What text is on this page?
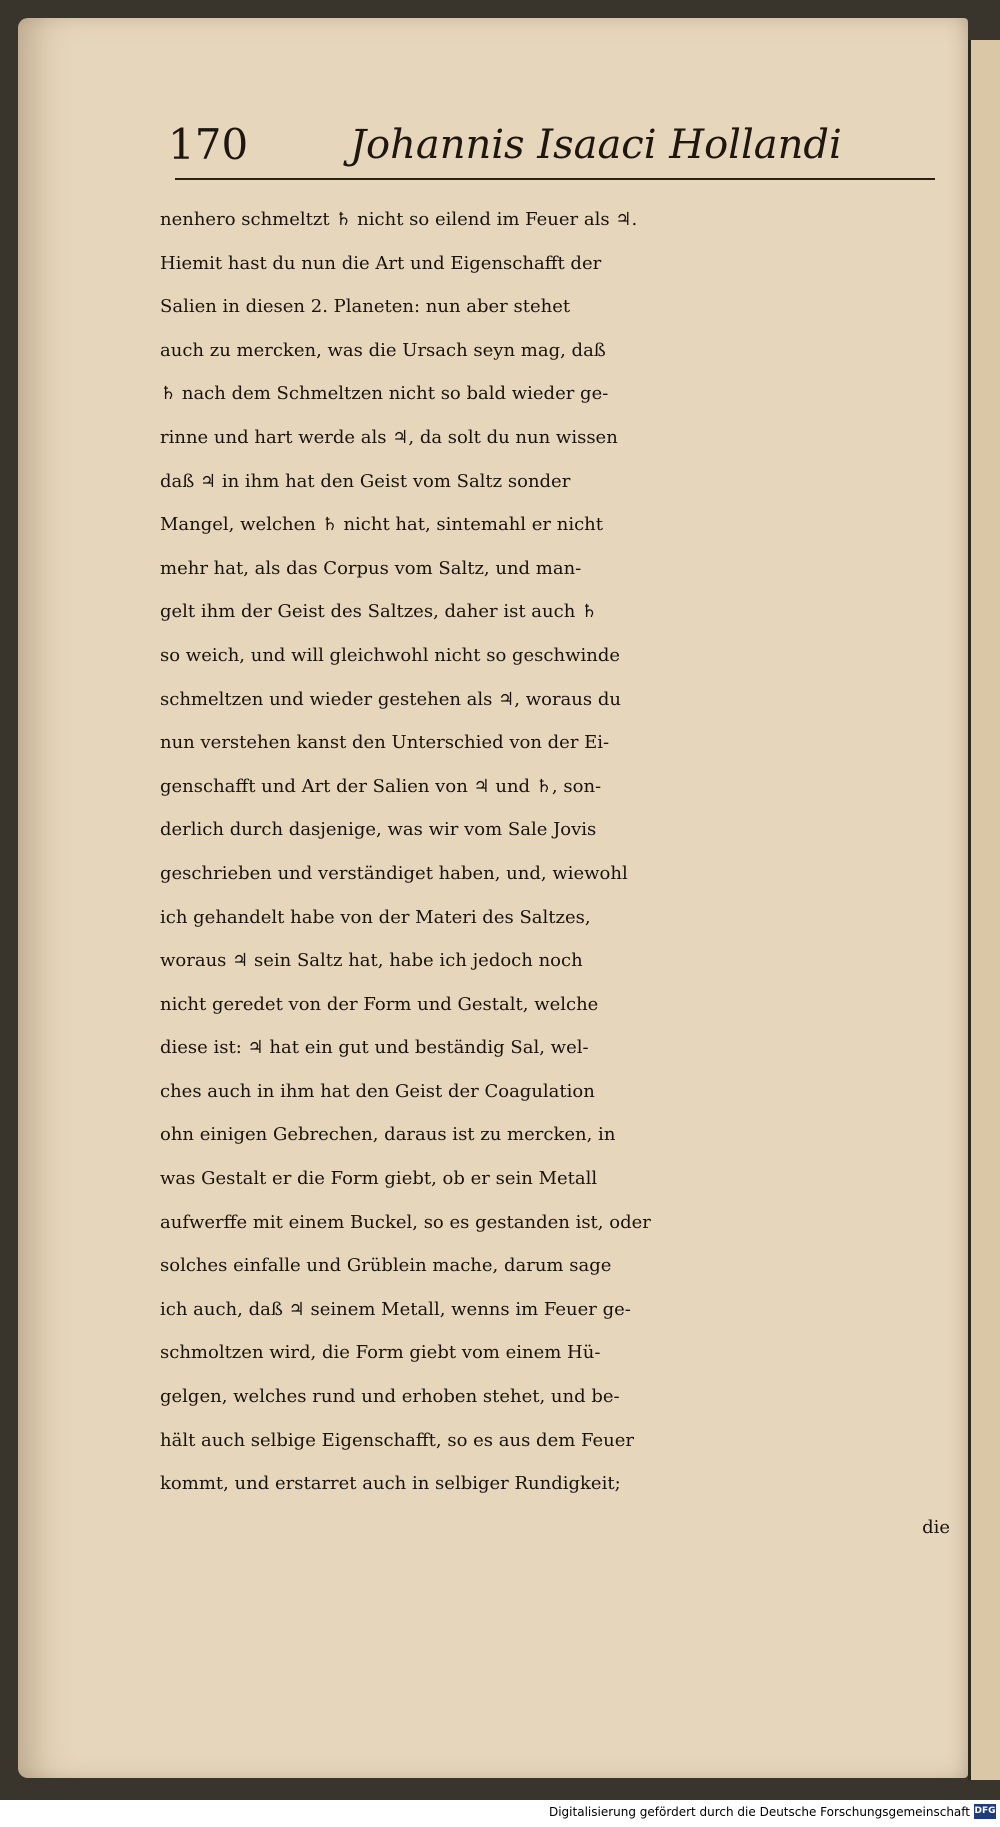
170	Johannis Isaaci Hollandi
nenhero schmeltzt ♄ nicht so eilend im Feuer als ♃.
Hiemit hast du nun die Art und Eigenschafft der
Salien in diesen 2. Planeten: nun aber stehet
auch zu mercken, was die Ursach seyn mag, daß
♄ nach dem Schmeltzen nicht so bald wieder ge-
rinne und hart werde als ♃, da solt du nun wissen
daß ♃ in ihm hat den Geist vom Saltz sonder
Mangel, welchen ♄ nicht hat, sintemahl er nicht
mehr hat, als das Corpus vom Saltz, und man-
gelt ihm der Geist des Saltzes, daher ist auch ♄
so weich, und will gleichwohl nicht so geschwinde
schmeltzen und wieder gestehen als ♃, woraus du
nun verstehen kanst den Unterschied von der Ei-
genschafft und Art der Salien von ♃ und ♄, son-
derlich durch dasjenige, was wir vom Sale Jovis
geschrieben und verständiget haben, und, wiewohl
ich gehandelt habe von der Materi des Saltzes,
woraus ♃ sein Saltz hat, habe ich jedoch noch
nicht geredet von der Form und Gestalt, welche
diese ist: ♃ hat ein gut und beständig Sal, wel-
ches auch in ihm hat den Geist der Coagulation
ohn einigen Gebrechen, daraus ist zu mercken, in
was Gestalt er die Form giebt, ob er sein Metall
aufwerffe mit einem Buckel, so es gestanden ist, oder
solches einfalle und Grüblein mache, darum sage
ich auch, daß ♃ seinem Metall, wenns im Feuer ge-
schmoltzen wird, die Form giebt vom einem Hü-
gelgen, welches rund und erhoben stehet, und be-
hält auch selbige Eigenschafft, so es aus dem Feuer
kommt, und erstarret auch in selbiger Rundigkeit;
die
Digitalisierung gefördert durch die Deutsche Forschungsgemeinschaft DFG
